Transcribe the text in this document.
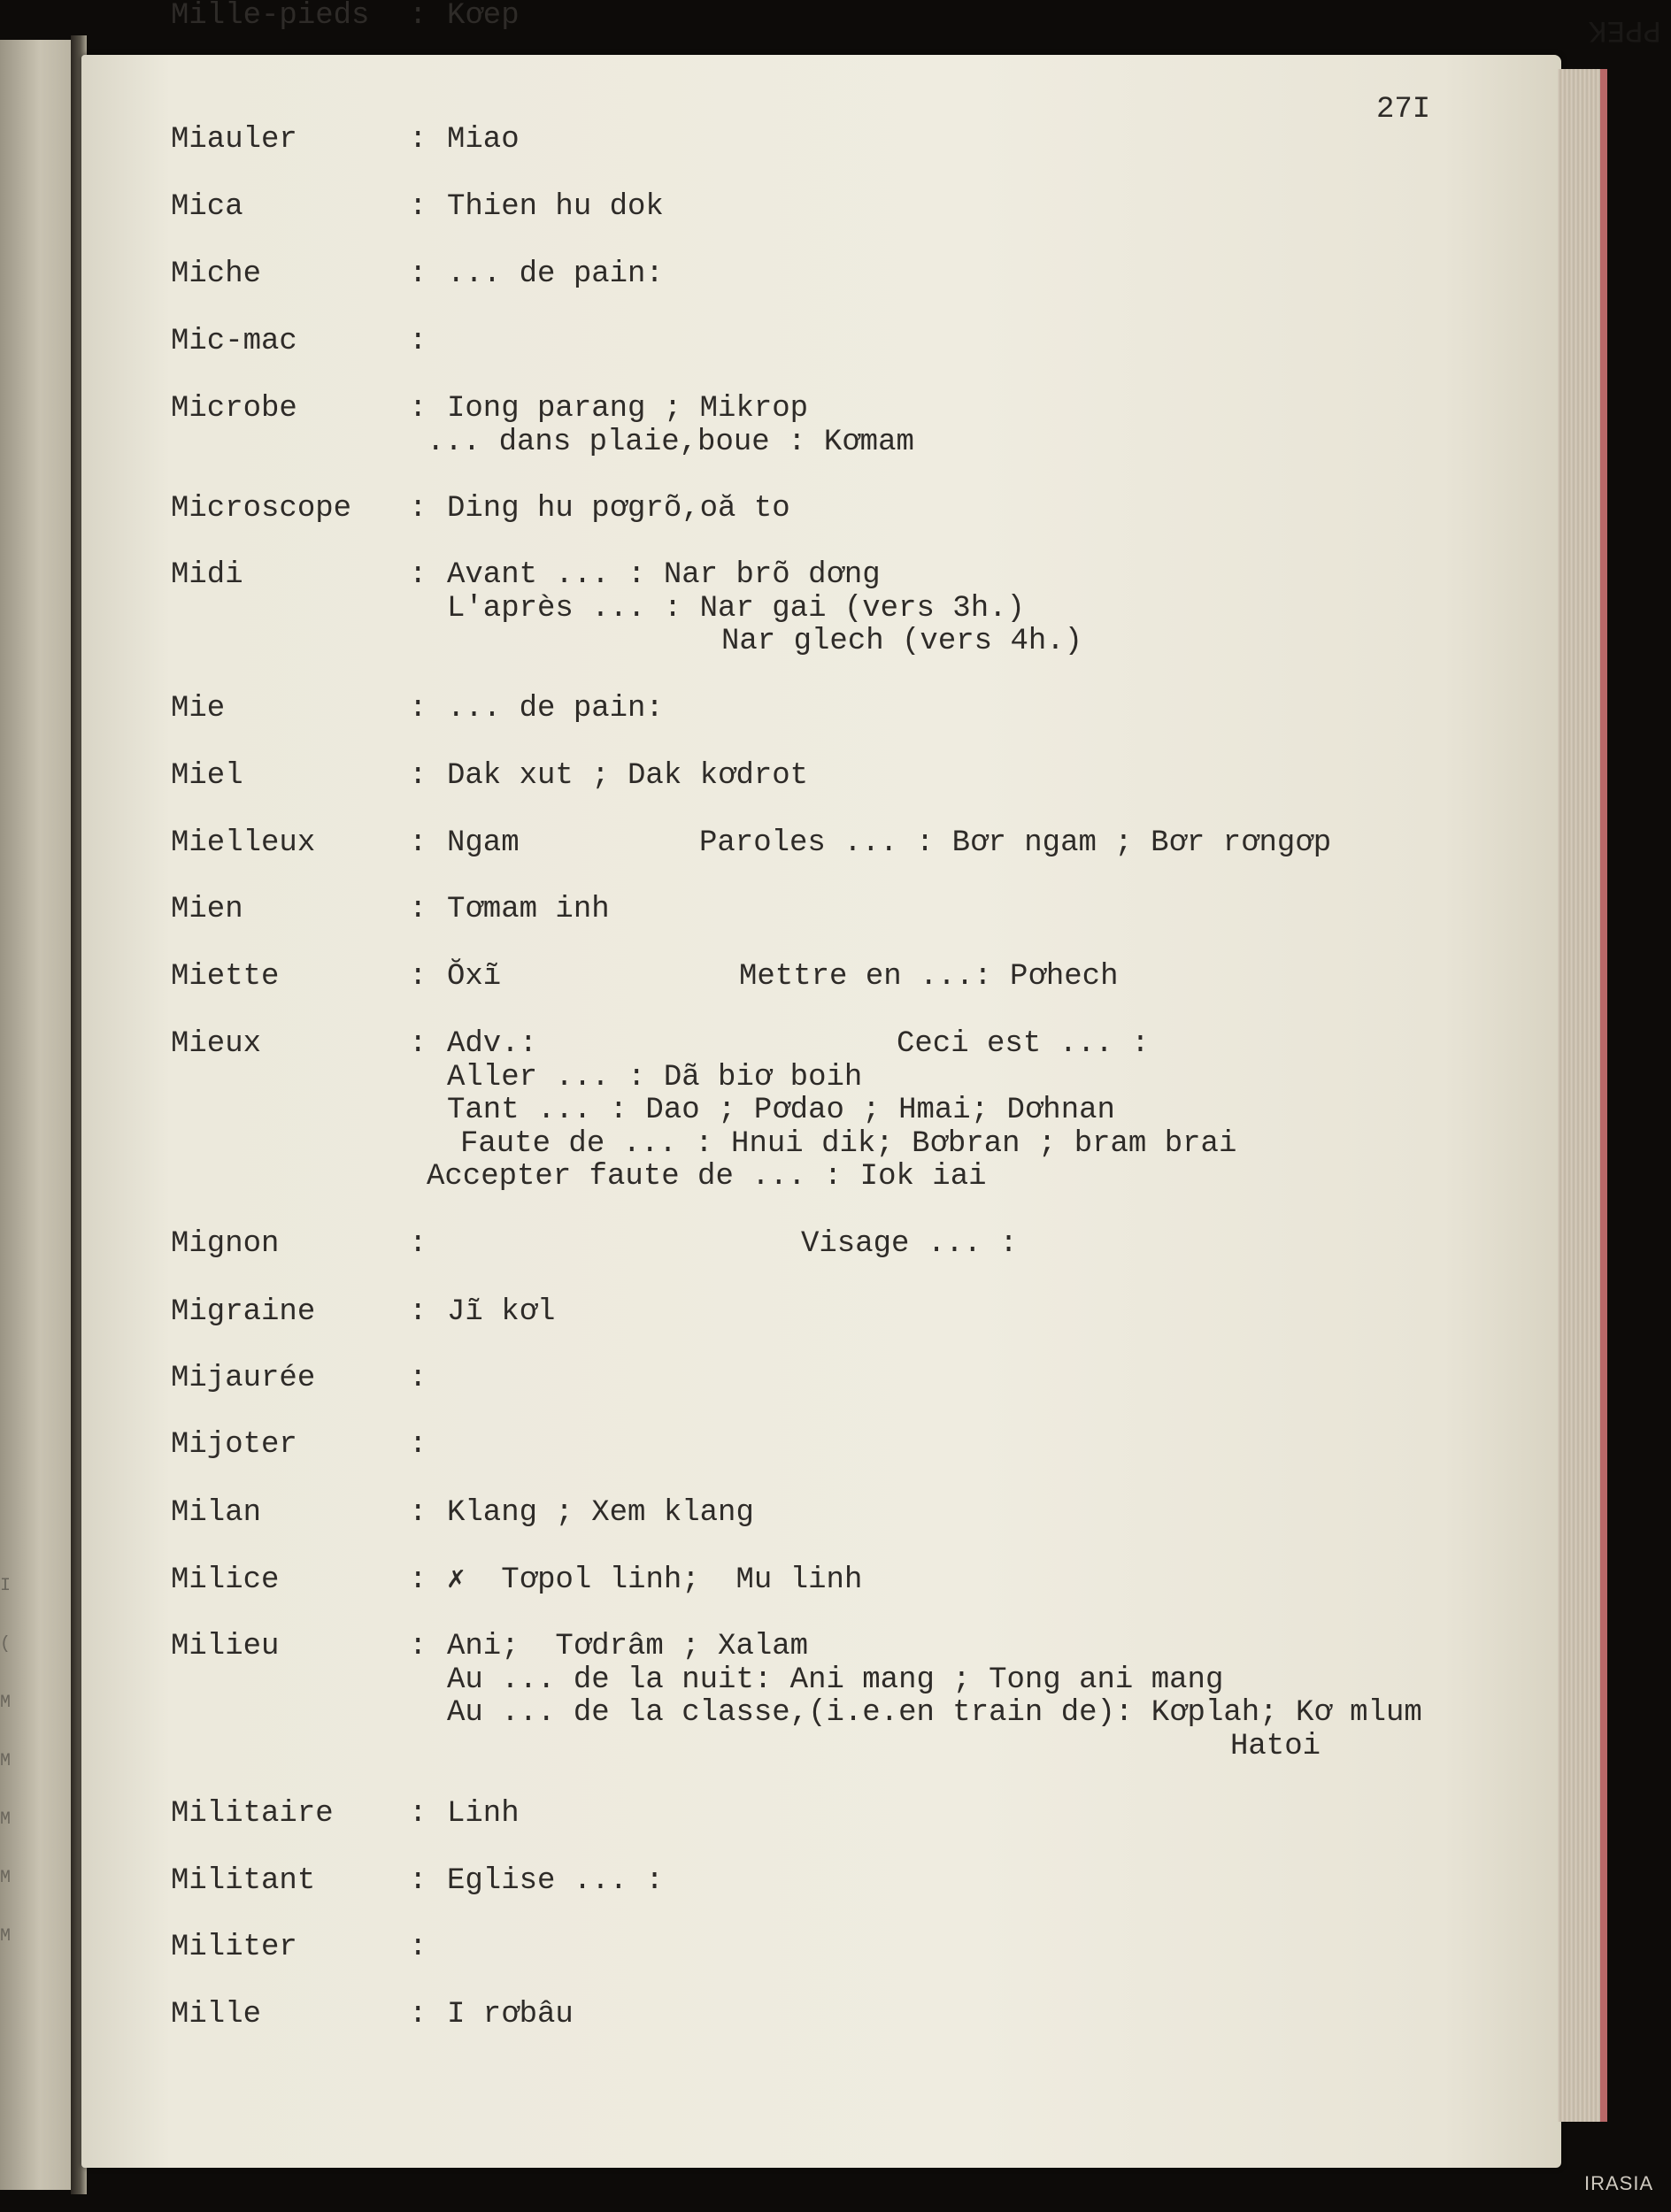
PPEK
I
(
M
M
M
M
M
27I
Miauler	: Miao
Mica	: Thien hu dok
Miche	: ... de pain:
Mic-mac	:
Microbe	: Iong parang ; Mikrop
... dans plaie,boue : Kơmam
Microscope : Ding hu pơgrõ,oă to
Midi	: Avant ... : Nar brõ dơng
L'après ... : Nar gai (vers 3h.)
Nar glech (vers 4h.)
Mie	: ... de pain:
Miel	: Dak xut ; Dak kơdrot
Mielleux	: Ngam	Paroles ... : Bơr ngam ; Bơr rơngơp
Mien	: Tơmam inh
Miette	: Ŏxĩ	Mettre en ...: Pơhech
Mieux	: Adv.:	Ceci est ... :
Aller ... : Dã biơ boih
Tant ... : Dao ; Pơdao ; Hmai; Dơhnan
Faute de ... : Hnui dik; Bơbran ; bram brai
Accepter faute de ... : Iok iai
Mignon	:	Visage ... :
Migraine	: Jĩ kơl
Mijaurée	:
Mijoter	:
Milan	: Klang ; Xem klang
Milice	: ✗  Tơpol linh;  Mu linh
Milieu	: Ani;  Tơdrâm ; Xalam
Au ... de la nuit: Ani mang ; Tong ani mang
Au ... de la classe,(i.e.en train de): Kơplah; Kơ mlum
Hatoi
Militaire	: Linh
Militant	: Eglise ... :
Militer	:
Mille	: I rơbâu
Mille-pieds : Kơep
IRASIA
